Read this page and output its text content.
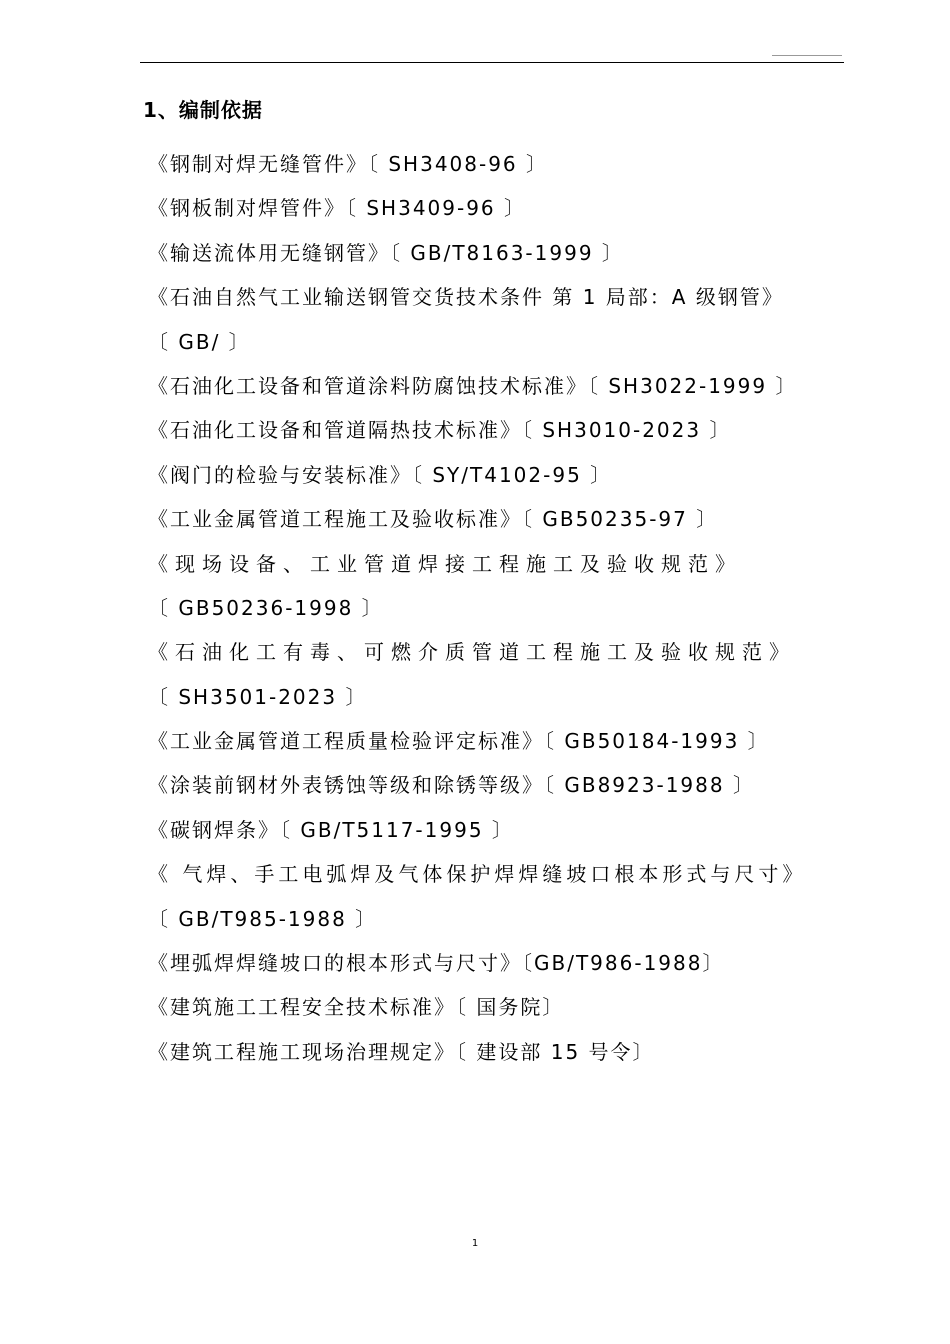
1、编制依据
《钢制对焊无缝管件》〔 SH3408-96 〕
《钢板制对焊管件》〔 SH3409-96 〕
《输送流体用无缝钢管》〔 GB/T8163-1999 〕
《石油自然气工业输送钢管交货技术条件 第 1 局部：A 级钢管》
〔 GB/ 〕
《石油化工设备和管道涂料防腐蚀技术标准》〔 SH3022-1999 〕
《石油化工设备和管道隔热技术标准》〔 SH3010-2023 〕
《阀门的检验与安装标准》〔 SY/T4102-95 〕
《工业金属管道工程施工及验收标准》〔 GB50235-97 〕
《现场设备、工业管道焊接工程施工及验收规范》
〔 GB50236-1998 〕
《石油化工有毒、可燃介质管道工程施工及验收规范》
〔 SH3501-2023 〕
《工业金属管道工程质量检验评定标准》〔 GB50184-1993 〕
《涂装前钢材外表锈蚀等级和除锈等级》〔 GB8923-1988 〕
《碳钢焊条》〔 GB/T5117-1995 〕
《 气焊、手工电弧焊及气体保护焊焊缝坡口根本形式与尺寸》
〔 GB/T985-1988 〕
《埋弧焊焊缝坡口的根本形式与尺寸》〔GB/T986-1988〕
《建筑施工工程安全技术标准》〔 国务院〕
《建筑工程施工现场治理规定》〔 建设部 15 号令〕
1
